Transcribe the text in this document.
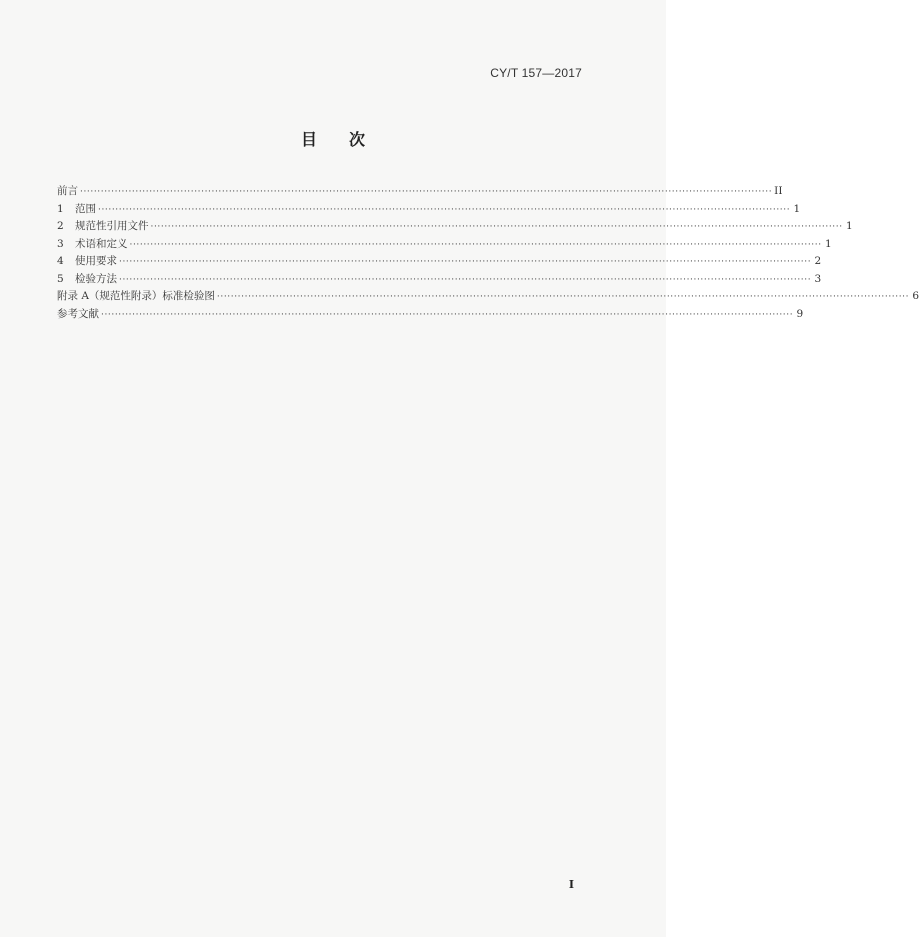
CY/T 157—2017
目 次
前言 ········································································································································································································ II
1	范围 ········································································································································································································ 1
2	规范性引用文件 ········································································································································································································ 1
3	术语和定义 ········································································································································································································ 1
4	使用要求 ········································································································································································································ 2
5	检验方法 ········································································································································································································ 3
附录 A（规范性附录）标准检验图 ········································································································································································································ 6
参考文献 ········································································································································································································ 9
I
